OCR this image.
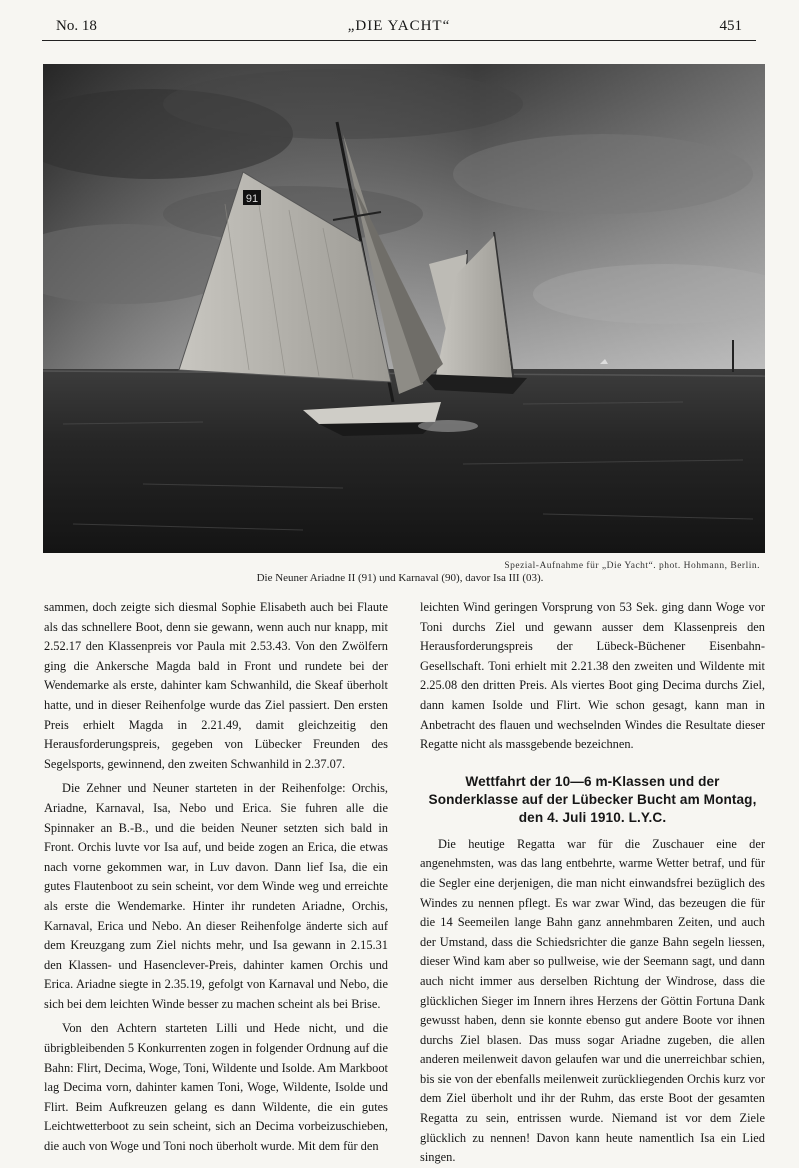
No. 18	„DIE YACHT“	451
91
Spezial-Aufnahme für „Die Yacht“. phot. Hohmann, Berlin.
Die Neuner Ariadne II (91) und Karnaval (90), davor Isa III (03).

sammen, doch zeigte sich diesmal Sophie Elisabeth auch bei Flaute als das schnellere Boot, denn sie gewann, wenn auch nur knapp, mit 2.52.17 den Klassenpreis vor Paula mit 2.53.43. Von den Zwölfern ging die Ankersche Magda bald in Front und rundete bei der Wendemarke als erste, dahinter kam Schwanhild, die Skeaf überholt hatte, und in dieser Reihenfolge wurde das Ziel passiert. Den ersten Preis erhielt Magda in 2.21.49, damit gleichzeitig den Herausforderungspreis, gegeben von Lübecker Freunden des Segelsports, gewinnend, den zweiten Schwanhild in 2.37.07.

Die Zehner und Neuner starteten in der Reihenfolge: Orchis, Ariadne, Karnaval, Isa, Nebo und Erica. Sie fuhren alle die Spinnaker an B.-B., und die beiden Neuner setzten sich bald in Front. Orchis luvte vor Isa auf, und beide zogen an Erica, die etwas nach vorne gekommen war, in Luv davon. Dann lief Isa, die ein gutes Flautenboot zu sein scheint, vor dem Winde weg und erreichte als erste die Wendemarke. Hinter ihr rundeten Ariadne, Orchis, Karnaval, Erica und Nebo. An dieser Reihenfolge änderte sich auf dem Kreuzgang zum Ziel nichts mehr, und Isa gewann in 2.15.31 den Klassen- und Hasenclever-Preis, dahinter kamen Orchis und Erica. Ariadne siegte in 2.35.19, gefolgt von Karnaval und Nebo, die sich bei dem leichten Winde besser zu machen scheint als bei Brise.

Von den Achtern starteten Lilli und Hede nicht, und die übrigbleibenden 5 Konkurrenten zogen in folgender Ordnung auf die Bahn: Flirt, Decima, Woge, Toni, Wildente und Isolde. Am Markboot lag Decima vorn, dahinter kamen Toni, Woge, Wildente, Isolde und Flirt. Beim Aufkreuzen gelang es dann Wildente, die ein gutes Leichtwetterboot zu sein scheint, sich an Decima vorbeizuschieben, die auch von Woge und Toni noch überholt wurde. Mit dem für den

leichten Wind geringen Vorsprung von 53 Sek. ging dann Woge vor Toni durchs Ziel und gewann ausser dem Klassenpreis den Herausforderungspreis der Lübeck-Büchener Eisenbahn-Gesellschaft. Toni erhielt mit 2.21.38 den zweiten und Wildente mit 2.25.08 den dritten Preis. Als viertes Boot ging Decima durchs Ziel, dann kamen Isolde und Flirt. Wie schon gesagt, kann man in Anbetracht des flauen und wechselnden Windes die Resultate dieser Regatte nicht als massgebende bezeichnen.

Wettfahrt der 10—6 m-Klassen und der Sonderklasse auf der Lübecker Bucht am Montag, den 4. Juli 1910. L.Y.C.

Die heutige Regatta war für die Zuschauer eine der angenehmsten, was das lang entbehrte, warme Wetter betraf, und für die Segler eine derjenigen, die man nicht einwandsfrei bezüglich des Windes zu nennen pflegt. Es war zwar Wind, das bezeugen die für die 14 Seemeilen lange Bahn ganz annehmbaren Zeiten, und auch der Umstand, dass die Schiedsrichter die ganze Bahn segeln liessen, dieser Wind kam aber so pullweise, wie der Seemann sagt, und dann auch nicht immer aus derselben Richtung der Windrose, dass die glücklichen Sieger im Innern ihres Herzens der Göttin Fortuna Dank gewusst haben, denn sie konnte ebenso gut andere Boote vor ihnen durchs Ziel blasen. Das muss sogar Ariadne zugeben, die allen anderen meilenweit davon gelaufen war und die unerreichbar schien, bis sie von der ebenfalls meilenweit zurückliegenden Orchis kurz vor dem Ziel überholt und ihr der Ruhm, das erste Boot der gesamten Regatta zu sein, entrissen wurde. Niemand ist vor dem Ziele glücklich zu nennen! Davon kann heute namentlich Isa ein Lied singen.
